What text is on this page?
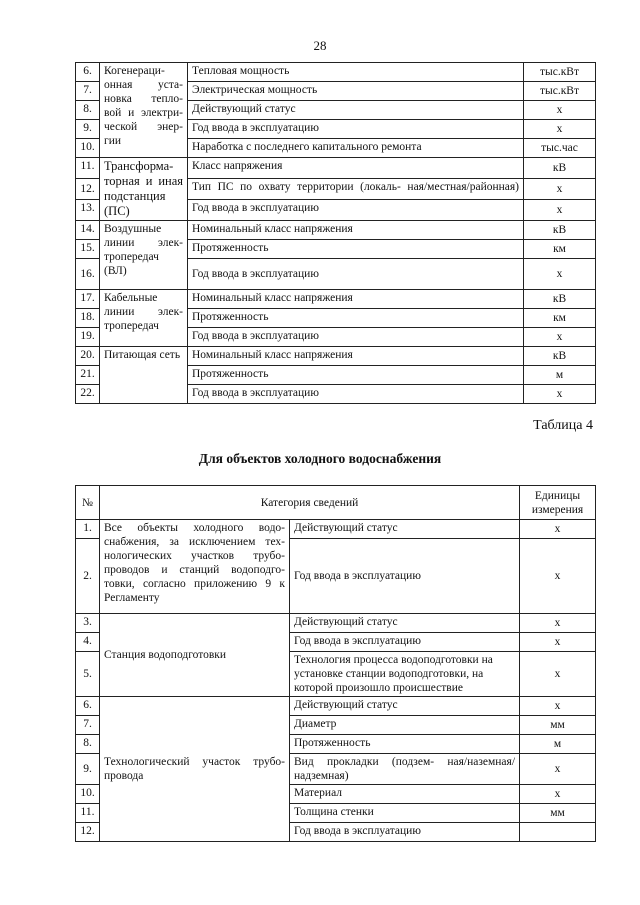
28
6.	Когенераци- онная уста- новка тепло- вой и электри- ческой энер- гии	Тепловая мощность	тыс.кВт
7.		Электрическая мощность	тыс.кВт
8.		Действующий статус	х
9.		Год ввода в эксплуатацию	х
10.		Наработка с последнего капитального ремонта	тыс.час
11.	Трансформа- торная и иная подстанция (ПС)	Класс напряжения	кВ
12.		Тип ПС по охвату территории (локаль- ная/местная/районная)	х
13.		Год ввода в эксплуатацию	х
14.	Воздушные линии элек- тропередач (ВЛ)	Номинальный класс напряжения	кВ
15.		Протяженность	км
16.		Год ввода в эксплуатацию	х
17.	Кабельные линии элек- тропередач	Номинальный класс напряжения	кВ
18.		Протяженность	км
19.		Год ввода в эксплуатацию	х
20.	Питающая сеть	Номинальный класс напряжения	кВ
21.		Протяженность	м
22.		Год ввода в эксплуатацию	х
Таблица 4
Для объектов холодного водоснабжения
№	Категория сведений		Единицы измерения
1.	Все объекты холодного водо- снабжения, за исключением тех- нологических участков трубо- проводов и станций водоподго- товки, согласно приложению 9 к Регламенту	Действующий статус	х
2.		Год ввода в эксплуатацию	х
3.	Станция водоподготовки	Действующий статус	х
4.		Год ввода в эксплуатацию	х
5.		Технология процесса водоподготовки на установке станции водоподготовки, на которой произошло происшествие	х
6.	Технологический участок трубо- провода	Действующий статус	х
7.		Диаметр	мм
8.		Протяженность	м
9.		Вид прокладки (подзем- ная/наземная/надземная)	х
10.		Материал	х
11.		Толщина стенки	мм
12.		Год ввода в эксплуатацию	
